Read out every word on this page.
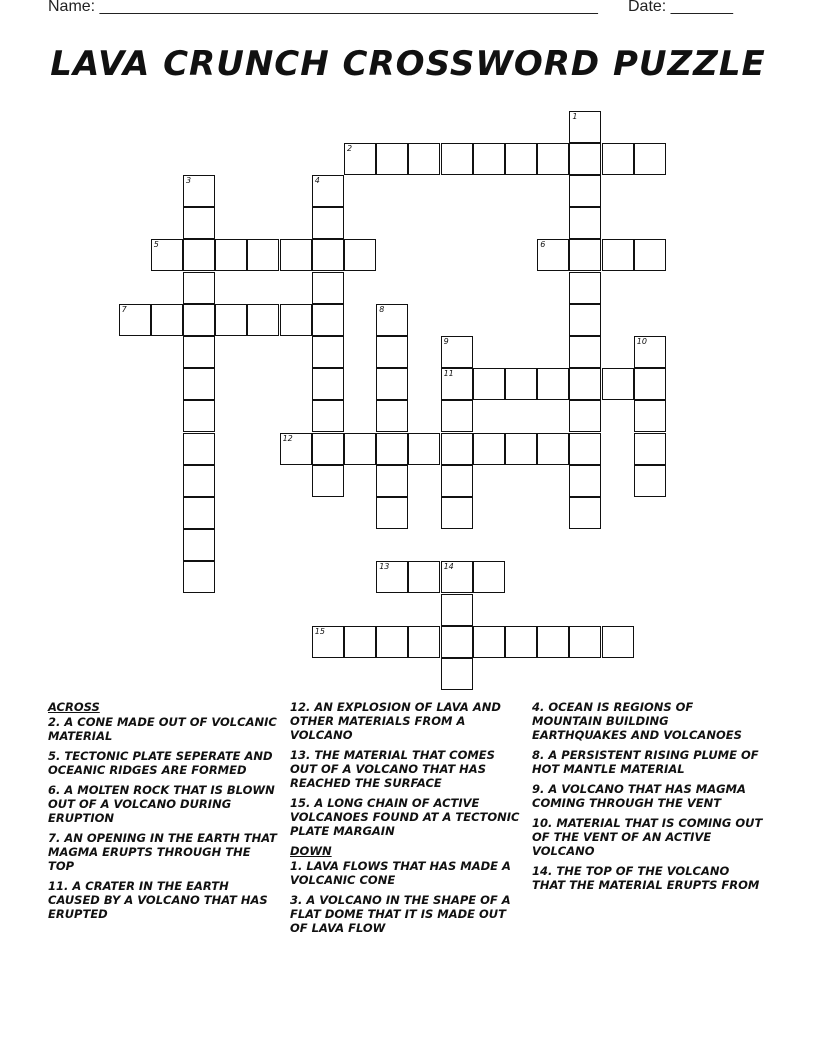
Name: ________________________________________________________ Date: _______
LAVA CRUNCH CROSSWORD PUZZLE
1
2
3	4
5	6
7	8
9	10
11
12
13	14
15
ACROSS
2. A CONE MADE OUT OF VOLCANIC MATERIAL
5. TECTONIC PLATE SEPERATE AND OCEANIC RIDGES ARE FORMED
6. A MOLTEN ROCK THAT IS BLOWN OUT OF A VOLCANO DURING ERUPTION
7. AN OPENING IN THE EARTH THAT MAGMA ERUPTS THROUGH THE TOP
11. A CRATER IN THE EARTH CAUSED BY A VOLCANO THAT HAS ERUPTED
12. AN EXPLOSION OF LAVA AND OTHER MATERIALS FROM A VOLCANO
13. THE MATERIAL THAT COMES OUT OF A VOLCANO THAT HAS REACHED THE SURFACE
15. A LONG CHAIN OF ACTIVE VOLCANOES FOUND AT A TECTONIC PLATE MARGAIN
DOWN
1. LAVA FLOWS THAT HAS MADE A VOLCANIC CONE
3. A VOLCANO IN THE SHAPE OF A FLAT DOME THAT IT IS MADE OUT OF LAVA FLOW
4. OCEAN IS REGIONS OF MOUNTAIN BUILDING EARTHQUAKES AND VOLCANOES
8. A PERSISTENT RISING PLUME OF HOT MANTLE MATERIAL
9. A VOLCANO THAT HAS MAGMA COMING THROUGH THE VENT
10. MATERIAL THAT IS COMING OUT OF THE VENT OF AN ACTIVE VOLCANO
14. THE TOP OF THE VOLCANO THAT THE MATERIAL ERUPTS FROM
